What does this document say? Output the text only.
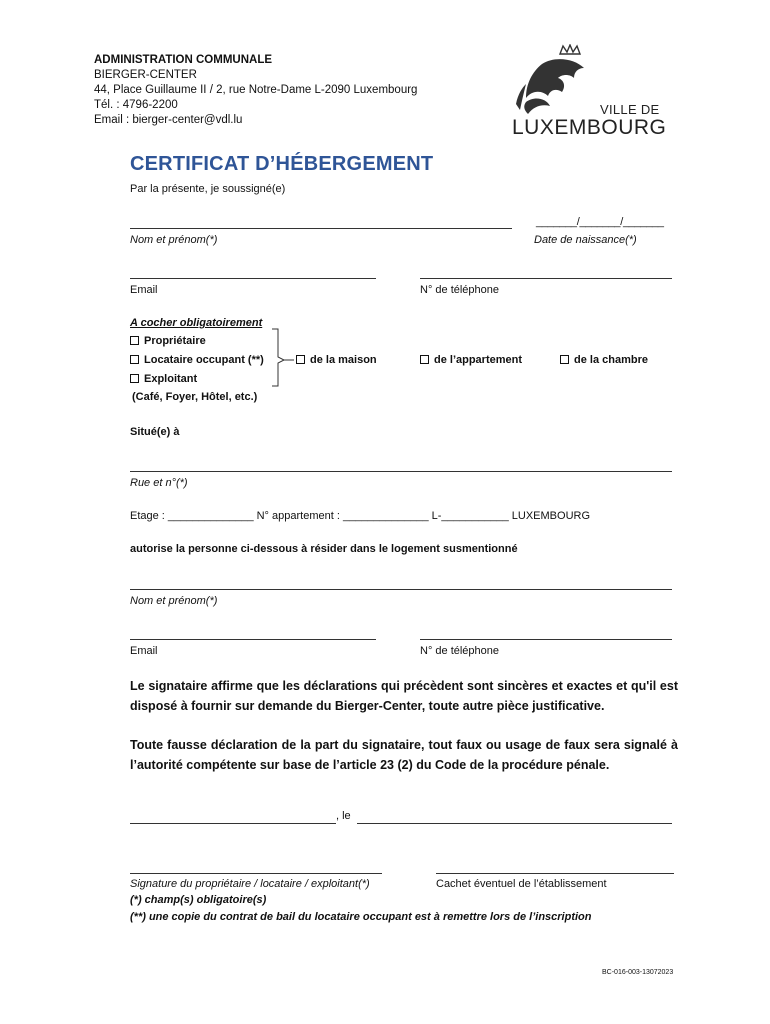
ADMINISTRATION COMMUNALE
BIERGER-CENTER
44, Place Guillaume II / 2, rue Notre-Dame L-2090 Luxembourg
Tél. : 4796-2200
Email : bierger-center@vdl.lu
VILLE DE
LUXEMBOURG
CERTIFICAT D’HÉBERGEMENT
Par la présente, je soussigné(e)
_______/_______/_______
Nom et prénom(*)	Date de naissance(*)
Email	N° de téléphone
A cocher obligatoirement
Propriétaire
Locataire occupant (**)
Exploitant
(Café, Foyer, Hôtel, etc.)
de la maison	de l’appartement	de la chambre
Situé(e) à
Rue et n°(*)
Etage : ______________ N° appartement : ______________ L-___________ LUXEMBOURG
autorise la personne ci-dessous à résider dans le logement susmentionné
Nom et prénom(*)
Email	N° de téléphone
Le signataire affirme que les déclarations qui précèdent sont sincères et exactes et qu'il est disposé à fournir sur demande du Bierger-Center, toute autre pièce justificative.
Toute fausse déclaration de la part du signataire, tout faux ou usage de faux sera signalé à l’autorité compétente sur base de l’article 23 (2) du Code de la procédure pénale.
, le
Signature du propriétaire / locataire / exploitant(*)	Cachet éventuel de l’établissement
(*) champ(s) obligatoire(s)
(**) une copie du contrat de bail du locataire occupant est à remettre lors de l’inscription
BC-016-003-13072023
